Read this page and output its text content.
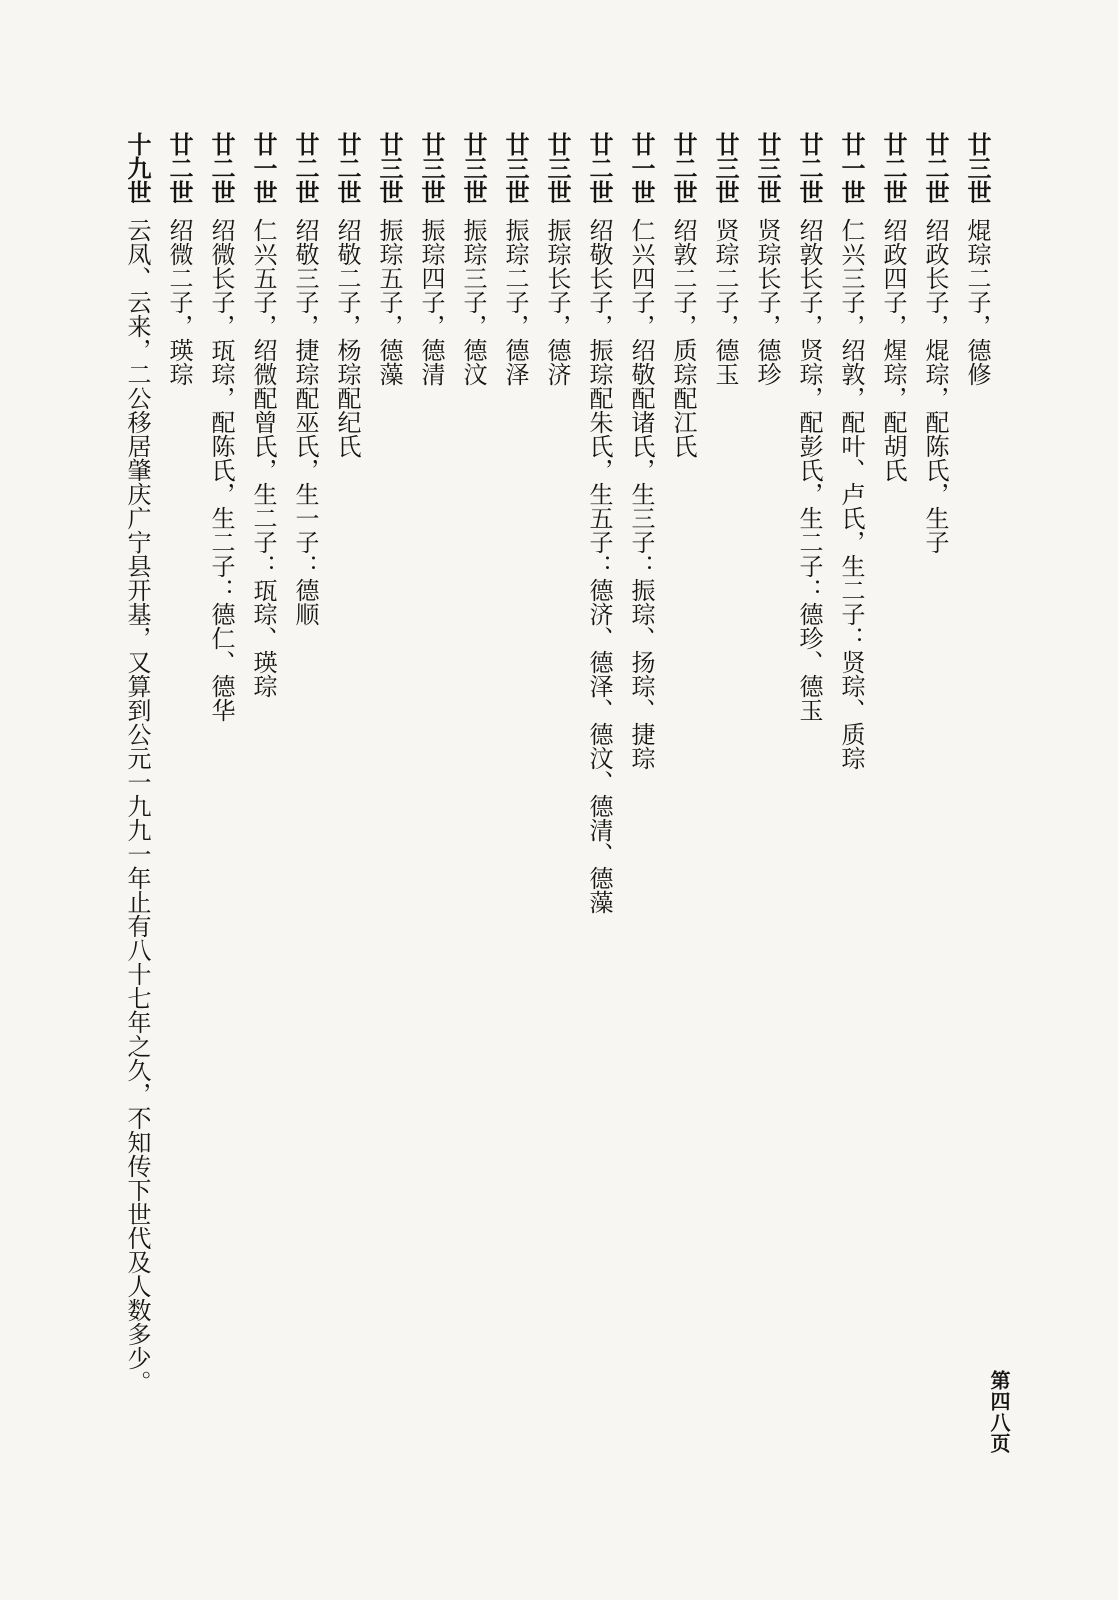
廿三世焜琮二子，德修
廿二世绍政长子，焜琮，配陈氏，生子
廿二世绍政四子，煋琮，配胡氏
廿一世仁兴三子，绍敦，配叶、卢氏，生二子：贤琮、质琮
廿二世绍敦长子，贤琮，配彭氏，生二子：德珍、德玉
廿三世贤琮长子，德珍
廿三世贤琮二子，德玉
廿二世绍敦二子，质琮配江氏
廿一世仁兴四子，绍敬配诸氏，生三子：振琮、扬琮、捷琮
廿二世绍敬长子，振琮配朱氏，生五子：德济、德泽、德汶、德清、德藻
廿三世振琮长子，德济
廿三世振琮二子，德泽
廿三世振琮三子，德汶
廿三世振琮四子，德清
廿三世振琮五子，德藻
廿二世绍敬二子，杨琮配纪氏
廿二世绍敬三子，捷琮配巫氏，生一子：德顺
廿一世仁兴五子，绍微配曾氏，生二子：珁琮、瑛琮
廿二世绍微长子，珁琮，配陈氏，生二子：德仁、德华
廿二世绍微二子，瑛琮
十九世云凤、云来，二公移居肇庆广宁县开基，又算到公元一九九一年止有八十七年之久，不知传下世代及人数多少。
第四八页
